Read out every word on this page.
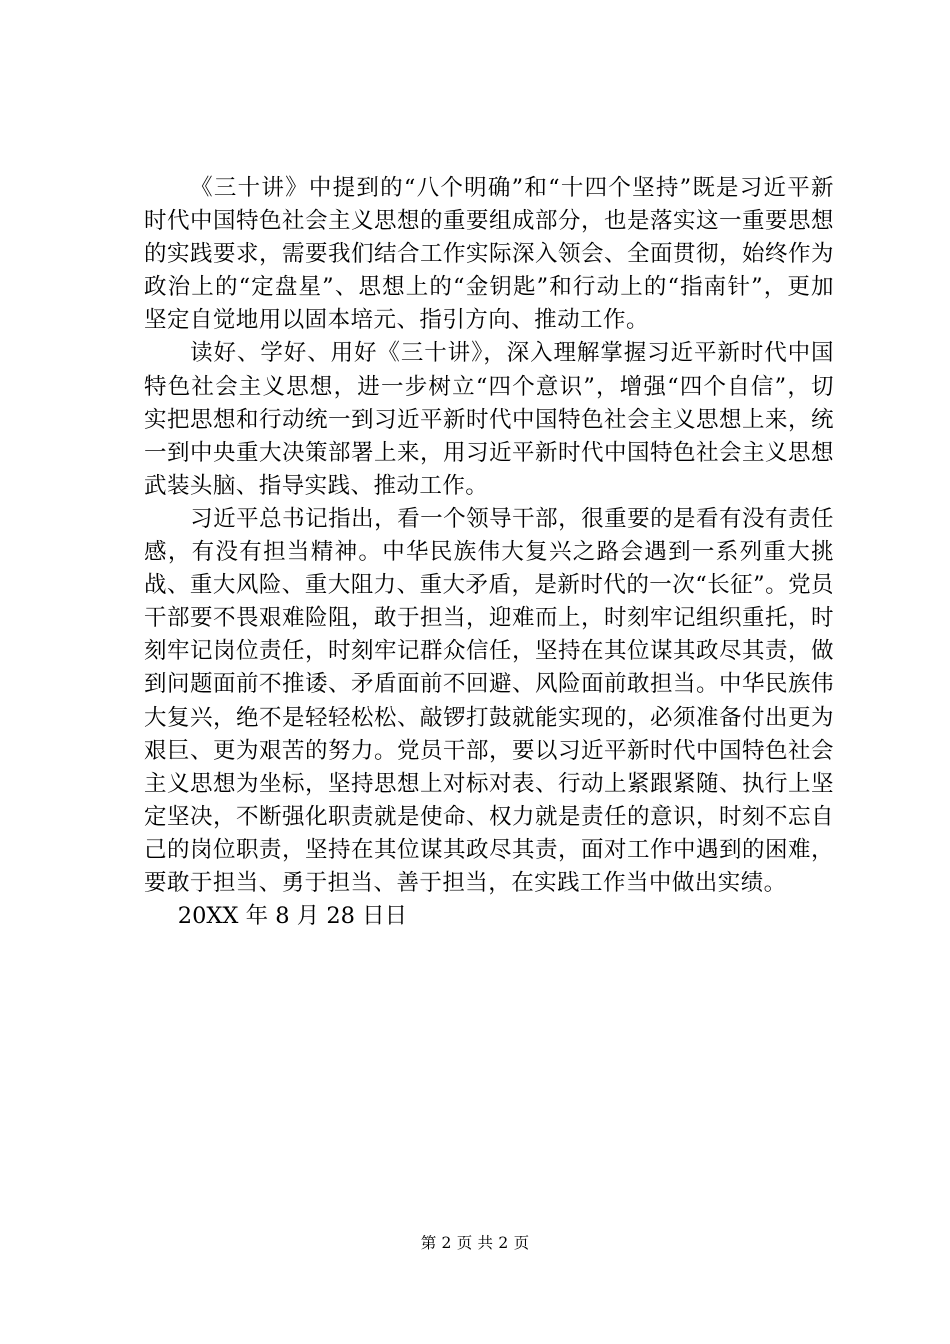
《三十讲》中提到的“八个明确”和“十四个坚持”既是习近平新时代中国特色社会主义思想的重要组成部分，也是落实这一重要思想的实践要求，需要我们结合工作实际深入领会、全面贯彻，始终作为政治上的“定盘星”、思想上的“金钥匙”和行动上的“指南针”，更加坚定自觉地用以固本培元、指引方向、推动工作。

读好、学好、用好《三十讲》，深入理解掌握习近平新时代中国特色社会主义思想，进一步树立“四个意识”，增强“四个自信”，切实把思想和行动统一到习近平新时代中国特色社会主义思想上来，统一到中央重大决策部署上来，用习近平新时代中国特色社会主义思想武装头脑、指导实践、推动工作。

习近平总书记指出，看一个领导干部，很重要的是看有没有责任感，有没有担当精神。中华民族伟大复兴之路会遇到一系列重大挑战、重大风险、重大阻力、重大矛盾，是新时代的一次“长征”。党员干部要不畏艰难险阻，敢于担当，迎难而上，时刻牢记组织重托，时刻牢记岗位责任，时刻牢记群众信任，坚持在其位谋其政尽其责，做到问题面前不推诿、矛盾面前不回避、风险面前敢担当。中华民族伟大复兴，绝不是轻轻松松、敲锣打鼓就能实现的，必须准备付出更为艰巨、更为艰苦的努力。党员干部，要以习近平新时代中国特色社会主义思想为坐标，坚持思想上对标对表、行动上紧跟紧随、执行上坚定坚决，不断强化职责就是使命、权力就是责任的意识，时刻不忘自己的岗位职责，坚持在其位谋其政尽其责，面对工作中遇到的困难，要敢于担当、勇于担当、善于担当，在实践工作当中做出实绩。

20XX 年 8 月 28 日日

第 2 页 共 2 页
